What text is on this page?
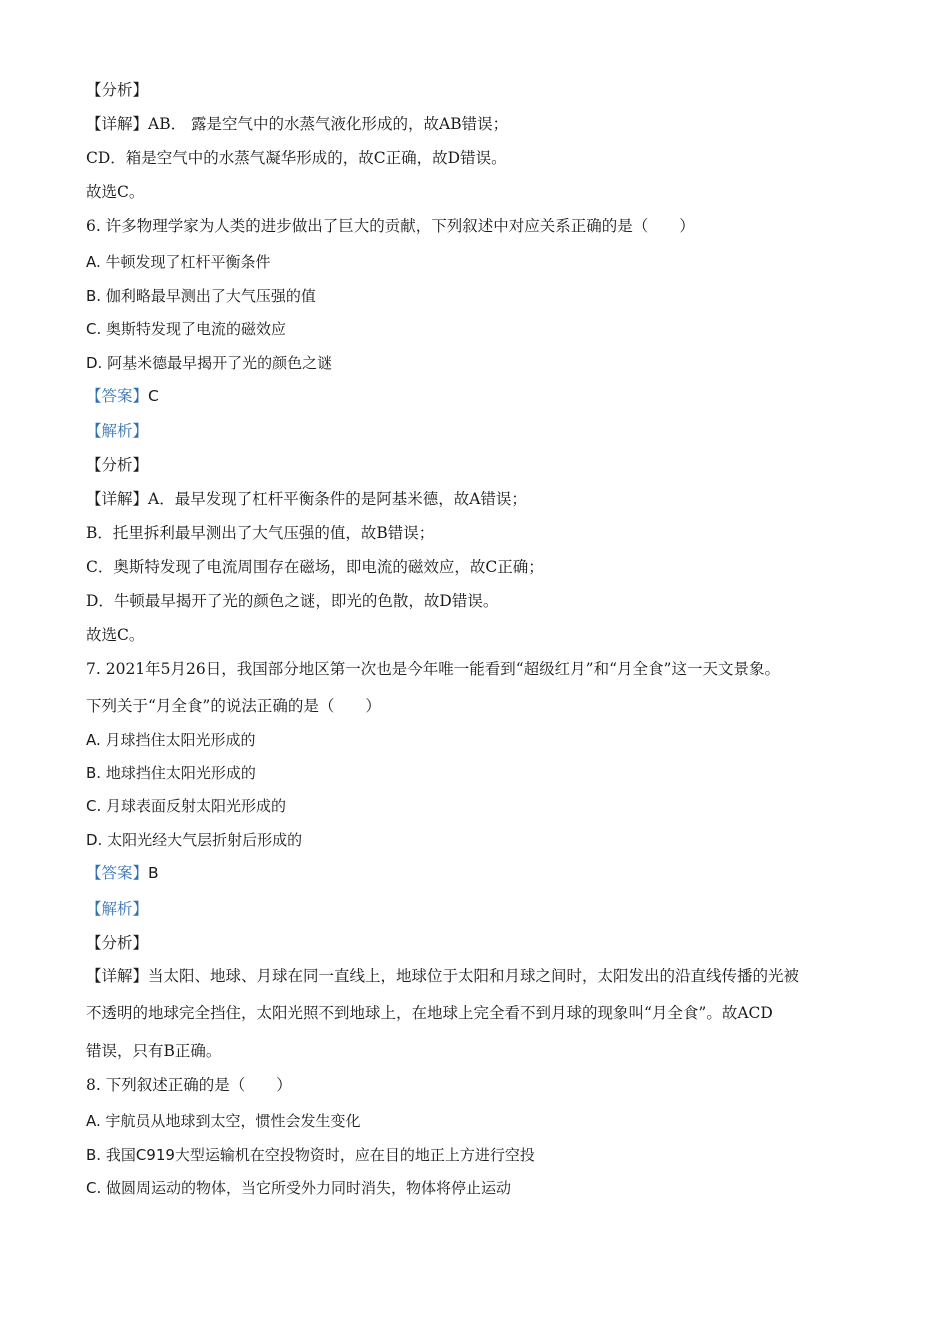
【分析】
【详解】AB． 露是空气中的水蒸气液化形成的，故AB错误；
CD．箱是空气中的水蒸气凝华形成的，故C正确，故D错误。
故选C。
6. 许多物理学家为人类的进步做出了巨大的贡献，下列叙述中对应关系正确的是（　　）
A. 牛顿发现了杠杆平衡条件
B. 伽利略最早测出了大气压强的值
C. 奥斯特发现了电流的磁效应
D. 阿基米德最早揭开了光的颜色之谜
【答案】C
【解析】
【分析】
【详解】A．最早发现了杠杆平衡条件的是阿基米德，故A错误；
B．托里拆利最早测出了大气压强的值，故B错误；
C．奥斯特发现了电流周围存在磁场，即电流的磁效应，故C正确；
D．牛顿最早揭开了光的颜色之谜，即光的色散，故D错误。
故选C。
7. 2021年5月26日，我国部分地区第一次也是今年唯一能看到“超级红月”和“月全食”这一天文景象。
下列关于“月全食”的说法正确的是（　　）
A. 月球挡住太阳光形成的
B. 地球挡住太阳光形成的
C. 月球表面反射太阳光形成的
D. 太阳光经大气层折射后形成的
【答案】B
【解析】
【分析】
【详解】当太阳、地球、月球在同一直线上，地球位于太阳和月球之间时，太阳发出的沿直线传播的光被
不透明的地球完全挡住，太阳光照不到地球上，在地球上完全看不到月球的现象叫“月全食”。故ACD
错误，只有B正确。
8. 下列叙述正确的是（　　）
A. 宇航员从地球到太空，惯性会发生变化
B. 我国C919大型运输机在空投物资时，应在目的地正上方进行空投
C. 做圆周运动的物体，当它所受外力同时消失，物体将停止运动
